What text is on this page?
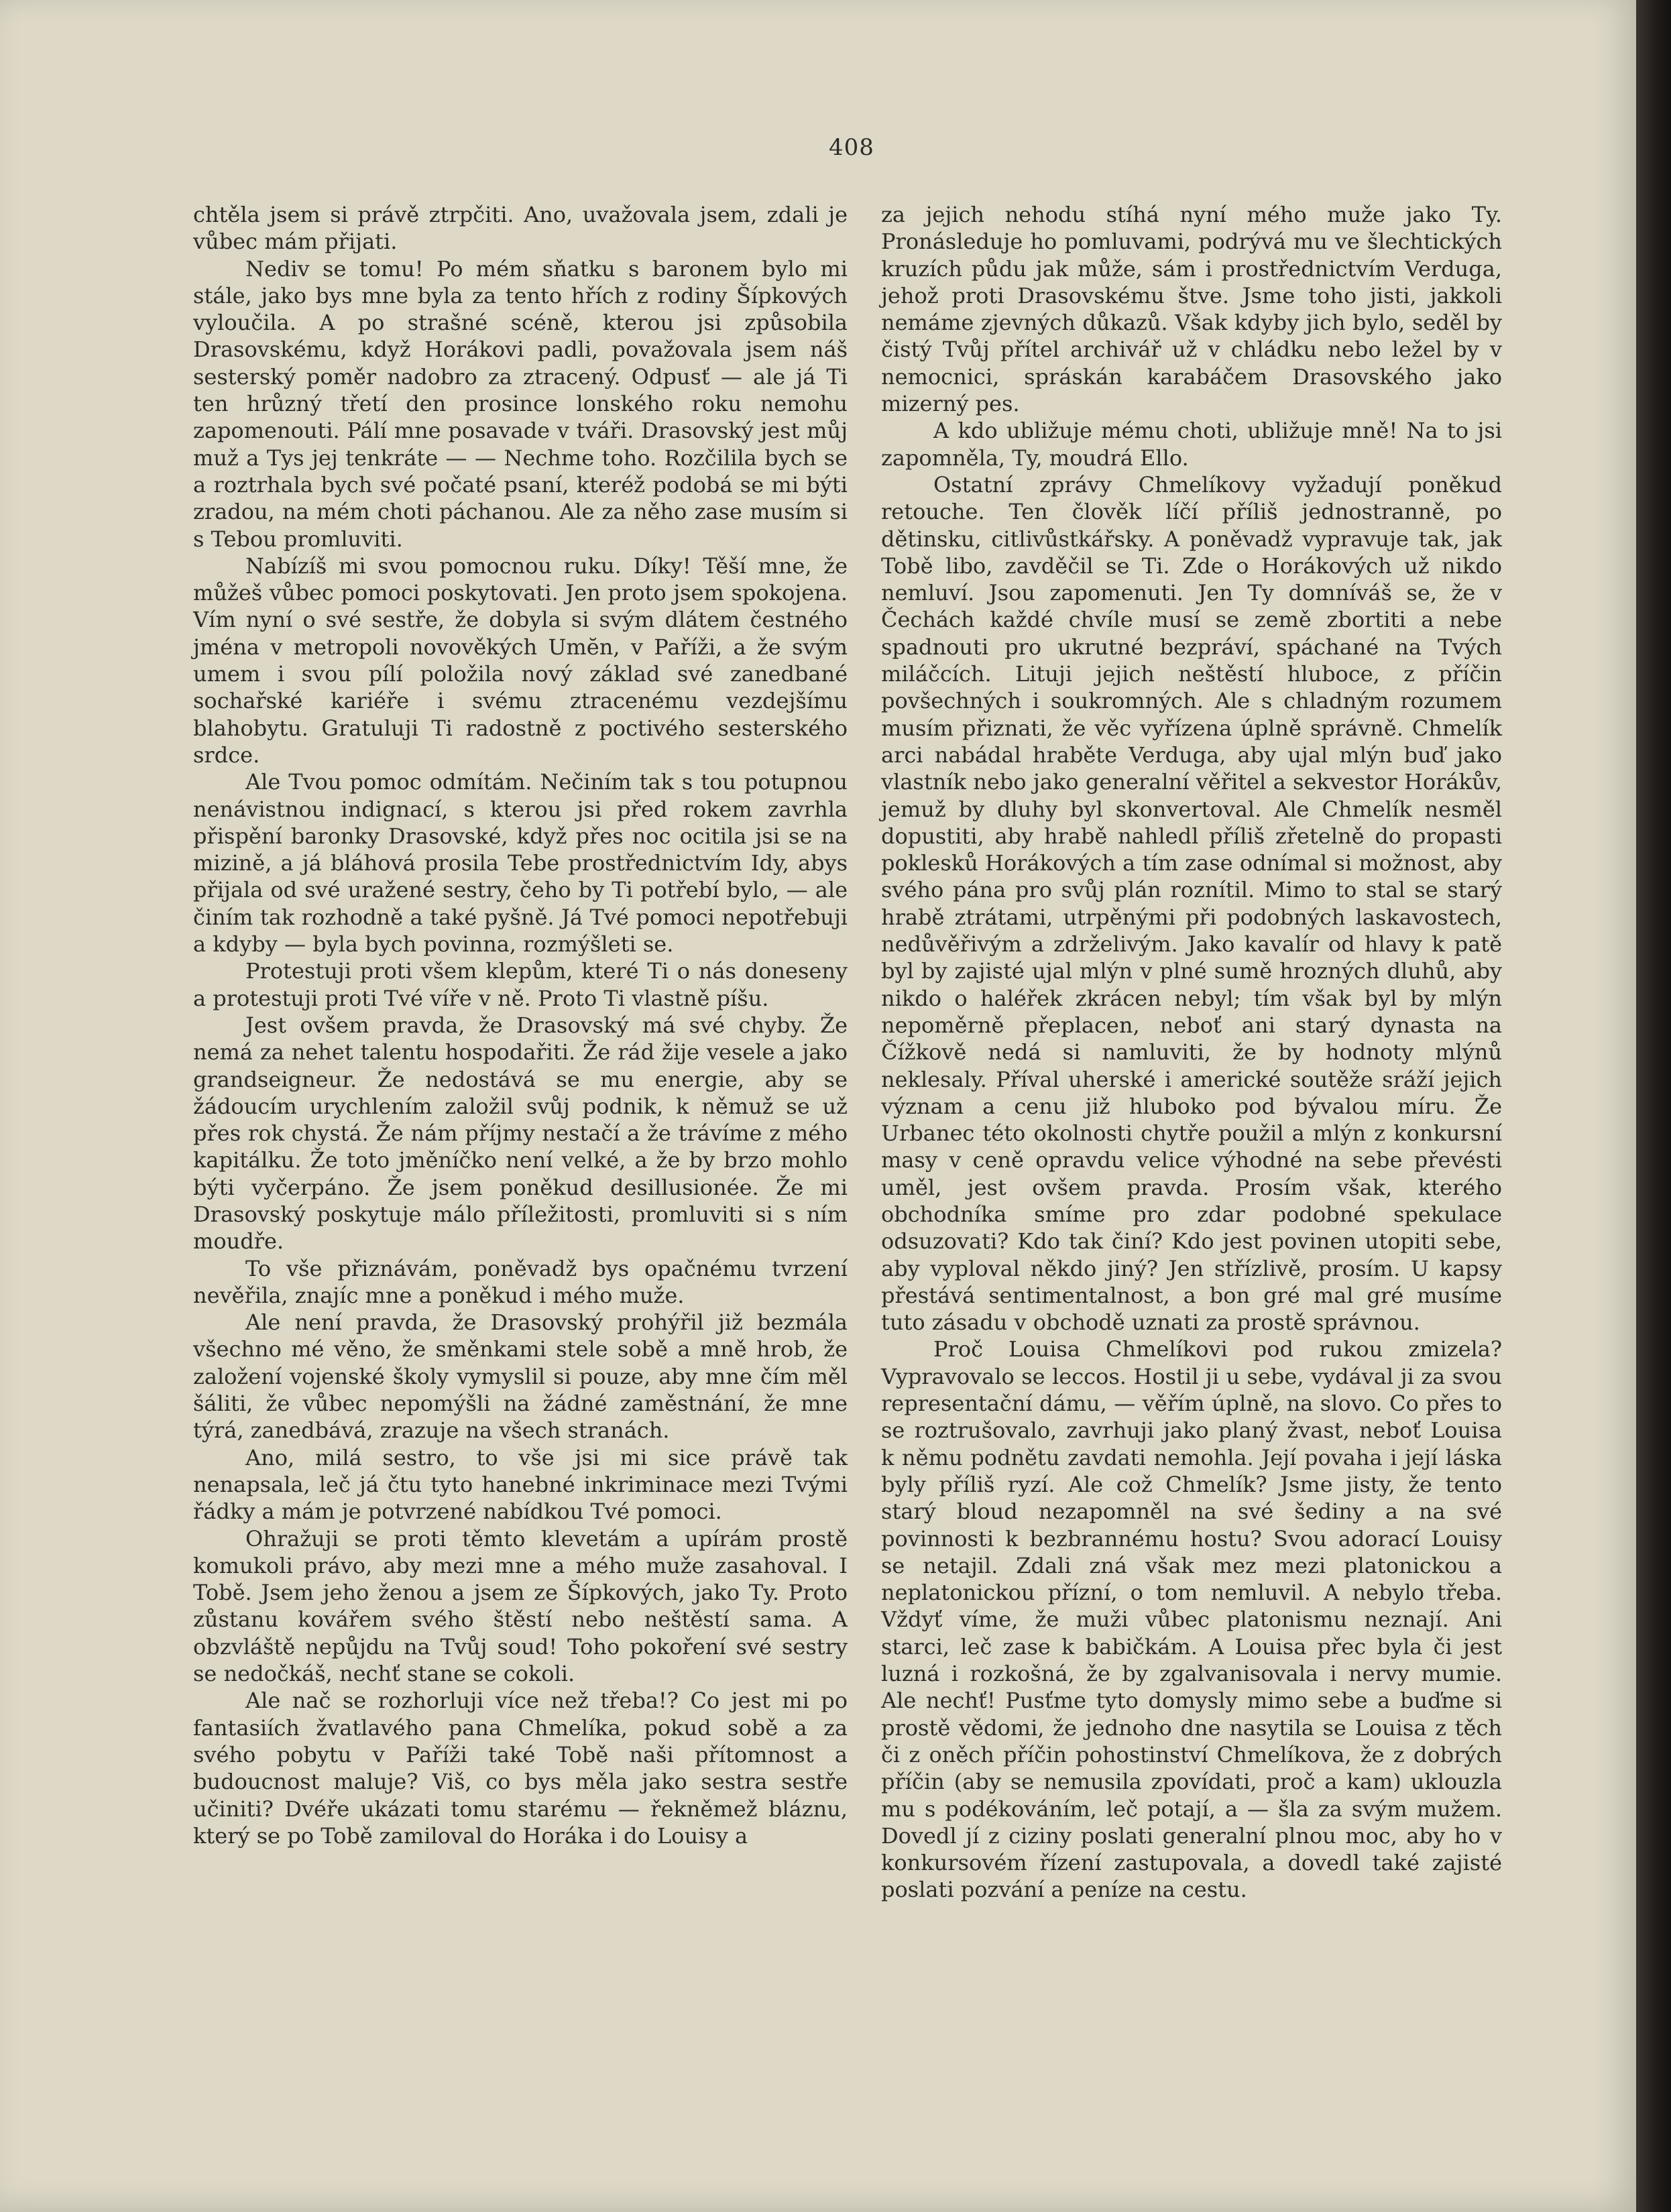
408

chtěla jsem si právě ztrpčiti. Ano, uvažovala jsem, zdali je vůbec mám přijati.

Nediv se tomu! Po mém sňatku s baronem bylo mi stále, jako bys mne byla za tento hřích z rodiny Šípkových vyloučila. A po strašné scéně, kterou jsi způsobila Drasovskému, když Horákovi padli, považovala jsem náš sesterský poměr nadobro za ztracený. Odpusť — ale já Ti ten hrůzný třetí den prosince lonského roku nemohu zapomenouti. Pálí mne posavade v tváři. Drasovský jest můj muž a Tys jej tenkráte — — Nechme toho. Rozčilila bych se a roztrhala bych své počaté psaní, kteréž podobá se mi býti zradou, na mém choti páchanou. Ale za něho zase musím si s Tebou promluviti.

Nabízíš mi svou pomocnou ruku. Díky! Těší mne, že můžeš vůbec pomoci poskytovati. Jen proto jsem spokojena. Vím nyní o své sestře, že dobyla si svým dlátem čestného jména v metropoli novověkých Umĕn, v Paříži, a že svým umem i svou pílí položila nový základ své zanedbané sochařské kariéře i svému ztracenému vezdejšímu blahobytu. Gratuluji Ti radostně z poctivého sesterského srdce.

Ale Tvou pomoc odmítám. Nečiním tak s tou potupnou nenávistnou indignací, s kterou jsi před rokem zavrhla přispění baronky Drasovské, když přes noc ocitila jsi se na mizině, a já bláhová prosila Tebe prostřednictvím Idy, abys přijala od své uražené sestry, čeho by Ti potřebí bylo, — ale činím tak rozhodně a také pyšně. Já Tvé pomoci nepotřebuji a kdyby — byla bych povinna, rozmýšleti se.

Protestuji proti všem klepům, které Ti o nás doneseny a protestuji proti Tvé víře v ně. Proto Ti vlastně píšu.

Jest ovšem pravda, že Drasovský má své chyby. Že nemá za nehet talentu hospodařiti. Že rád žije vesele a jako grandseigneur. Že nedostává se mu energie, aby se žádoucím urychlením založil svůj podnik, k němuž se už přes rok chystá. Že nám příjmy nestačí a že trávíme z mého kapitálku. Že toto jměníčko není velké, a že by brzo mohlo býti vyčerpáno. Že jsem poněkud desillusionée. Že mi Drasovský poskytuje málo příležitosti, promluviti si s ním moudře.

To vše přiznávám, poněvadž bys opačnému tvrzení nevěřila, znajíc mne a poněkud i mého muže.

Ale není pravda, že Drasovský prohýřil již bezmála všechno mé věno, že směnkami stele sobě a mně hrob, že založení vojenské školy vymyslil si pouze, aby mne čím měl šáliti, že vůbec nepomýšli na žádné zaměstnání, že mne týrá, zanedbává, zrazuje na všech stranách.

Ano, milá sestro, to vše jsi mi sice právě tak nenapsala, leč já čtu tyto hanebné inkriminace mezi Tvými řádky a mám je potvrzené nabídkou Tvé pomoci.

Ohražuji se proti těmto klevetám a upírám prostě komukoli právo, aby mezi mne a mého muže zasahoval. I Tobě. Jsem jeho ženou a jsem ze Šípkových, jako Ty. Proto zůstanu kovářem svého štěstí nebo neštěstí sama. A obzvláště nepůjdu na Tvůj soud! Toho pokoření své sestry se nedočkáš, nechť stane se cokoli.

Ale nač se rozhorluji více než třeba!? Co jest mi po fantasiích žvatlavého pana Chmelíka, pokud sobě a za svého pobytu v Paříži také Tobě naši přítomnost a budoucnost maluje? Viš, co bys měla jako sestra sestře učiniti? Dvéře ukázati tomu starému — řekněmež bláznu, který se po Tobě zamiloval do Horáka i do Louisy a

za jejich nehodu stíhá nyní mého muže jako Ty. Pronásleduje ho pomluvami, podrývá mu ve šlechtických kruzích půdu jak může, sám i prostřednictvím Verduga, jehož proti Drasovskému štve. Jsme toho jisti, jakkoli nemáme zjevných důkazů. Však kdyby jich bylo, seděl by čistý Tvůj přítel archivář už v chládku nebo ležel by v nemocnici, spráskán karabáčem Drasovského jako mizerný pes.

A kdo ubližuje mému choti, ubližuje mně! Na to jsi zapomněla, Ty, moudrá Ello.

Ostatní zprávy Chmelíkovy vyžadují poněkud retouche. Ten člověk líčí příliš jednostranně, po dětinsku, citlivůstkářsky. A poněvadž vypravuje tak, jak Tobě libo, zavděčil se Ti. Zde o Horákových už nikdo nemluví. Jsou zapomenuti. Jen Ty domníváš se, že v Čechách každé chvíle musí se země zbortiti a nebe spadnouti pro ukrutné bezpráví, spáchané na Tvých miláčcích. Lituji jejich neštěstí hluboce, z příčin povšechných i soukromných. Ale s chladným rozumem musím přiznati, že věc vyřízena úplně správně. Chmelík arci nabádal hraběte Verduga, aby ujal mlýn buď jako vlastník nebo jako generalní věřitel a sekvestor Horákův, jemuž by dluhy byl skonvertoval. Ale Chmelík nesměl dopustiti, aby hrabě nahledl příliš zřetelně do propasti poklesků Horákových a tím zase odnímal si možnost, aby svého pána pro svůj plán roznítil. Mimo to stal se starý hrabě ztrátami, utrpěnými při podobných laskavostech, nedůvěřivým a zdrželivým. Jako kavalír od hlavy k patě byl by zajisté ujal mlýn v plné sumě hrozných dluhů, aby nikdo o haléřek zkrácen nebyl; tím však byl by mlýn nepoměrně přeplacen, neboť ani starý dynasta na Čížkově nedá si namluviti, že by hodnoty mlýnů neklesaly. Příval uherské i americké soutěže sráží jejich význam a cenu již hluboko pod bývalou míru. Že Urbanec této okolnosti chytře použil a mlýn z konkursní masy v ceně opravdu velice výhodné na sebe převésti uměl, jest ovšem pravda. Prosím však, kterého obchodníka smíme pro zdar podobné spekulace odsuzovati? Kdo tak činí? Kdo jest povinen utopiti sebe, aby vyploval někdo jiný? Jen střízlivě, prosím. U kapsy přestává sentimentalnost, a bon gré mal gré musíme tuto zásadu v obchodě uznati za prostě správnou.

Proč Louisa Chmelíkovi pod rukou zmizela? Vypravovalo se leccos. Hostil ji u sebe, vydával ji za svou representační dámu, — věřím úplně, na slovo. Co přes to se roztrušovalo, zavrhuji jako planý žvast, neboť Louisa k němu podnětu zavdati nemohla. Její povaha i její láska byly příliš ryzí. Ale což Chmelík? Jsme jisty, že tento starý bloud nezapomněl na své šediny a na své povinnosti k bezbrannému hostu? Svou adorací Louisy se netajil. Zdali zná však mez mezi platonickou a neplatonickou přízní, o tom nemluvil. A nebylo třeba. Vždyť víme, že muži vůbec platonismu neznají. Ani starci, leč zase k babičkám. A Louisa přec byla či jest luzná i rozkošná, že by zgalvanisovala i nervy mumie. Ale nechť! Pusťme tyto domysly mimo sebe a buďme si prostě vědomi, že jednoho dne nasytila se Louisa z těch či z oněch příčin pohostinství Chmelíkova, že z dobrých příčin (aby se nemusila zpovídati, proč a kam) uklouzla mu s podékováním, leč potají, a — šla za svým mužem. Dovedl jí z ciziny poslati generalní plnou moc, aby ho v konkursovém řízení zastupovala, a dovedl také zajisté poslati pozvání a peníze na cestu.
